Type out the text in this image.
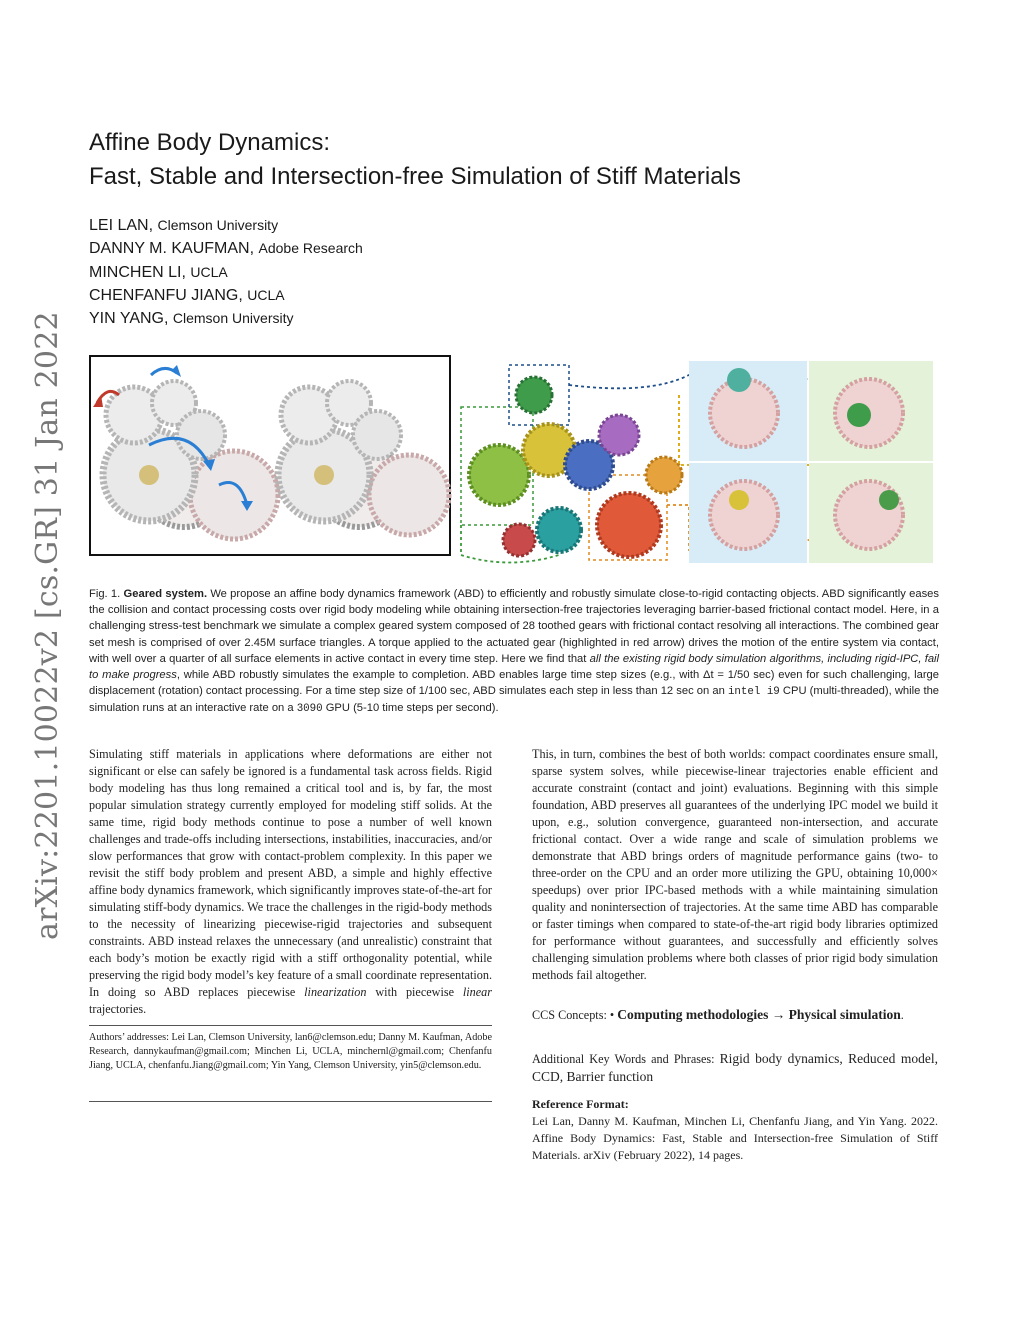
arXiv:2201.10022v2 [cs.GR] 31 Jan 2022
Affine Body Dynamics:
Fast, Stable and Intersection-free Simulation of Stiff Materials
LEI LAN, Clemson University
DANNY M. KAUFMAN, Adobe Research
MINCHEN LI, UCLA
CHENFANFU JIANG, UCLA
YIN YANG, Clemson University
Fig. 1. Geared system. We propose an affine body dynamics framework (ABD) to efficiently and robustly simulate close-to-rigid contacting objects. ABD significantly eases the collision and contact processing costs over rigid body modeling while obtaining intersection-free trajectories leveraging barrier-based frictional contact model. Here, in a challenging stress-test benchmark we simulate a complex geared system composed of 28 toothed gears with frictional contact resolving all interactions. The combined gear set mesh is comprised of over 2.45M surface triangles. A torque applied to the actuated gear (highlighted in red arrow) drives the motion of the entire system via contact, with well over a quarter of all surface elements in active contact in every time step. Here we find that all the existing rigid body simulation algorithms, including rigid-IPC, fail to make progress, while ABD robustly simulates the example to completion. ABD enables large time step sizes (e.g., with Δt = 1/50 sec) even for such challenging, large displacement (rotation) contact processing. For a time step size of 1/100 sec, ABD simulates each step in less than 12 sec on an intel i9 CPU (multi-threaded), while the simulation runs at an interactive rate on a 3090 GPU (5-10 time steps per second).

Simulating stiff materials in applications where deformations are either not significant or else can safely be ignored is a fundamental task across fields. Rigid body modeling has thus long remained a critical tool and is, by far, the most popular simulation strategy currently employed for modeling stiff solids. At the same time, rigid body methods continue to pose a number of well known challenges and trade-offs including intersections, instabilities, inaccuracies, and/or slow performances that grow with contact-problem complexity. In this paper we revisit the stiff body problem and present ABD, a simple and highly effective affine body dynamics framework, which significantly improves state-of-the-art for simulating stiff-body dynamics. We trace the challenges in the rigid-body methods to the necessity of linearizing piecewise-rigid trajectories and subsequent constraints. ABD instead relaxes the unnecessary (and unrealistic) constraint that each body’s motion be exactly rigid with a stiff orthogonality potential, while preserving the rigid body model’s key feature of a small coordinate representation. In doing so ABD replaces piecewise linearization with piecewise linear trajectories.

Authors’ addresses: Lei Lan, Clemson University, lan6@clemson.edu; Danny M. Kaufman, Adobe Research, dannykaufman@gmail.com; Minchen Li, UCLA, minchernl@gmail.com; Chenfanfu Jiang, UCLA, chenfanfu.Jiang@gmail.com; Yin Yang, Clemson University, yin5@clemson.edu.

This, in turn, combines the best of both worlds: compact coordinates ensure small, sparse system solves, while piecewise-linear trajectories enable efficient and accurate constraint (contact and joint) evaluations. Beginning with this simple foundation, ABD preserves all guarantees of the underlying IPC model we build it upon, e.g., solution convergence, guaranteed non-intersection, and accurate frictional contact. Over a wide range and scale of simulation problems we demonstrate that ABD brings orders of magnitude performance gains (two- to three-order on the CPU and an order more utilizing the GPU, obtaining 10,000× speedups) over prior IPC-based methods with a while maintaining simulation quality and nonintersection of trajectories. At the same time ABD has comparable or faster timings when compared to state-of-the-art rigid body libraries optimized for performance without guarantees, and successfully and efficiently solves challenging simulation problems where both classes of prior rigid body simulation methods fail altogether.

CCS Concepts: • Computing methodologies → Physical simulation.
Additional Key Words and Phrases: Rigid body dynamics, Reduced model, CCD, Barrier function
Reference Format:
Lei Lan, Danny M. Kaufman, Minchen Li, Chenfanfu Jiang, and Yin Yang. 2022. Affine Body Dynamics: Fast, Stable and Intersection-free Simulation of Stiff Materials. arXiv (February 2022), 14 pages.
